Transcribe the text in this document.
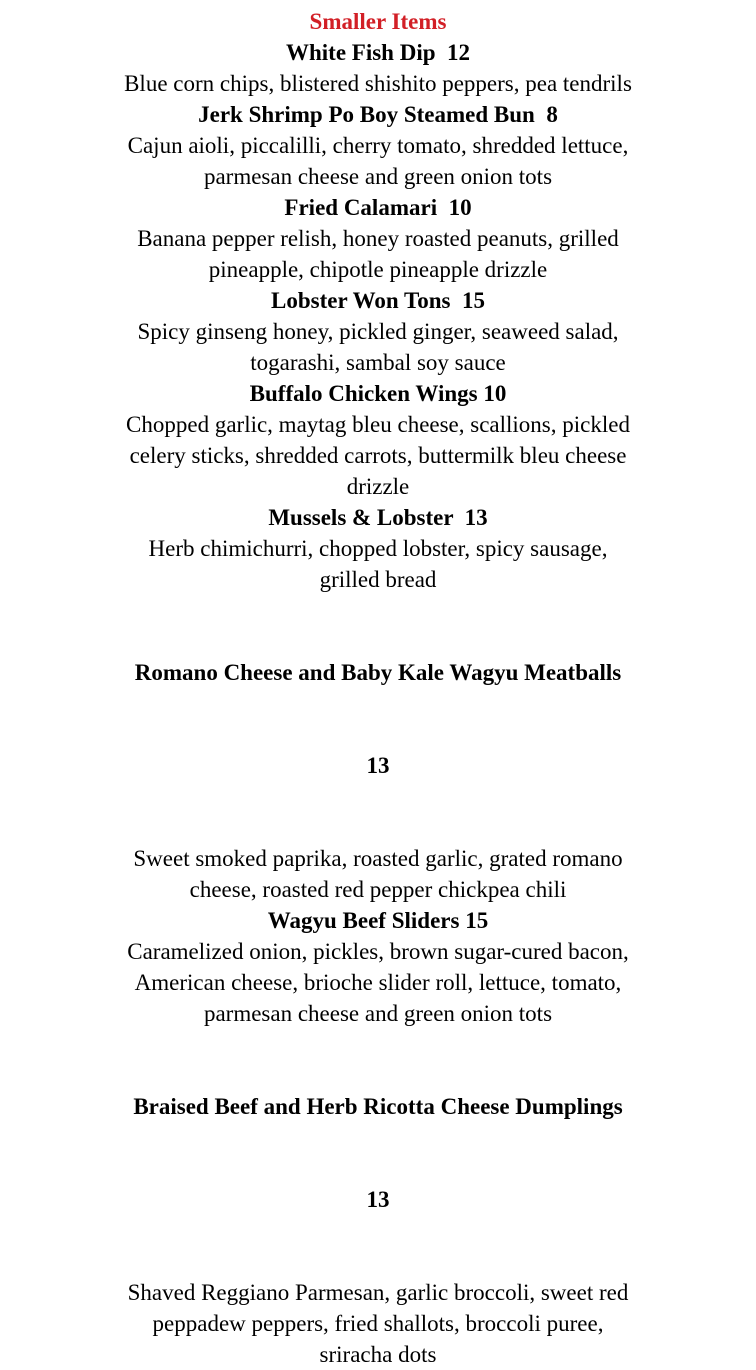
Smaller Items
White Fish Dip  12
Blue corn chips, blistered shishito peppers, pea tendrils
Jerk Shrimp Po Boy Steamed Bun  8
Cajun aioli, piccalilli, cherry tomato, shredded lettuce,
parmesan cheese and green onion tots
Fried Calamari  10
Banana pepper relish, honey roasted peanuts, grilled
pineapple, chipotle pineapple drizzle
Lobster Won Tons  15
Spicy ginseng honey, pickled ginger, seaweed salad,
togarashi, sambal soy sauce
Buffalo Chicken Wings 10
Chopped garlic, maytag bleu cheese, scallions, pickled
celery sticks, shredded carrots, buttermilk bleu cheese
drizzle
Mussels & Lobster  13
Herb chimichurri, chopped lobster, spicy sausage,
grilled bread

Romano Cheese and Baby Kale Wagyu Meatballs

13

Sweet smoked paprika, roasted garlic, grated romano
cheese, roasted red pepper chickpea chili
Wagyu Beef Sliders 15
Caramelized onion, pickles, brown sugar-cured bacon,
American cheese, brioche slider roll, lettuce, tomato,
parmesan cheese and green onion tots

Braised Beef and Herb Ricotta Cheese Dumplings

13

Shaved Reggiano Parmesan, garlic broccoli, sweet red
peppadew peppers, fried shallots, broccoli puree,
sriracha dots
